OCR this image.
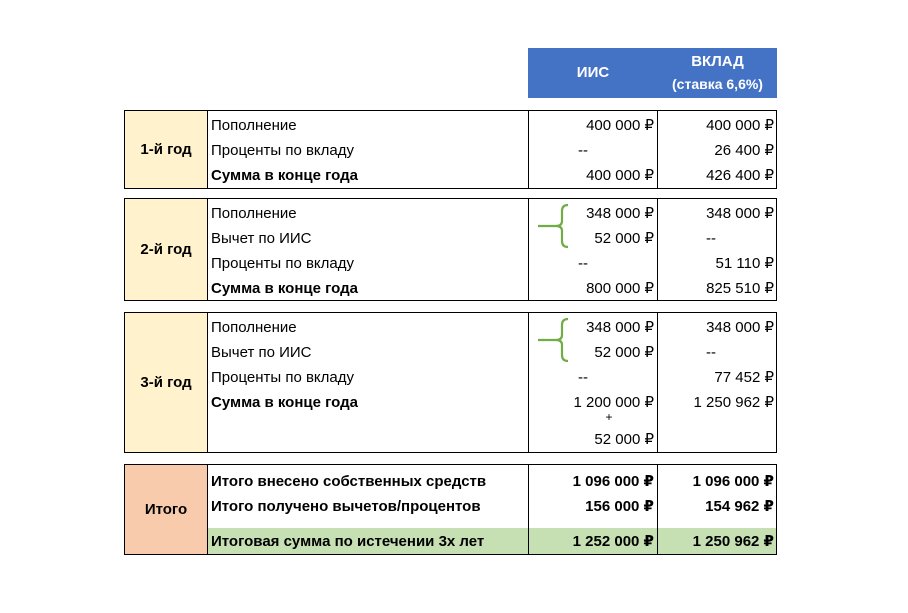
ИИС
ВКЛАД
(ставка 6,6%)
1-й год
Пополнение
Проценты по вкладу
Сумма в конце года
400 000 ₽
--
400 000 ₽
400 000 ₽
26 400 ₽
426 400 ₽
2-й год
Пополнение
Вычет по ИИС
Проценты по вкладу
Сумма в конце года
348 000 ₽
52 000 ₽
--
800 000 ₽
348 000 ₽
--
51 110 ₽
825 510 ₽
3-й год
Пополнение
Вычет по ИИС
Проценты по вкладу
Сумма в конце года
348 000 ₽
52 000 ₽
--
1 200 000 ₽
+
52 000 ₽
348 000 ₽
--
77 452 ₽
1 250 962 ₽
Итого
Итого внесено собственных средств
Итого получено вычетов/процентов
Итоговая сумма по истечении 3х лет
1 096 000 ₽
156 000 ₽
1 252 000 ₽
1 096 000 ₽
154 962 ₽
1 250 962 ₽
